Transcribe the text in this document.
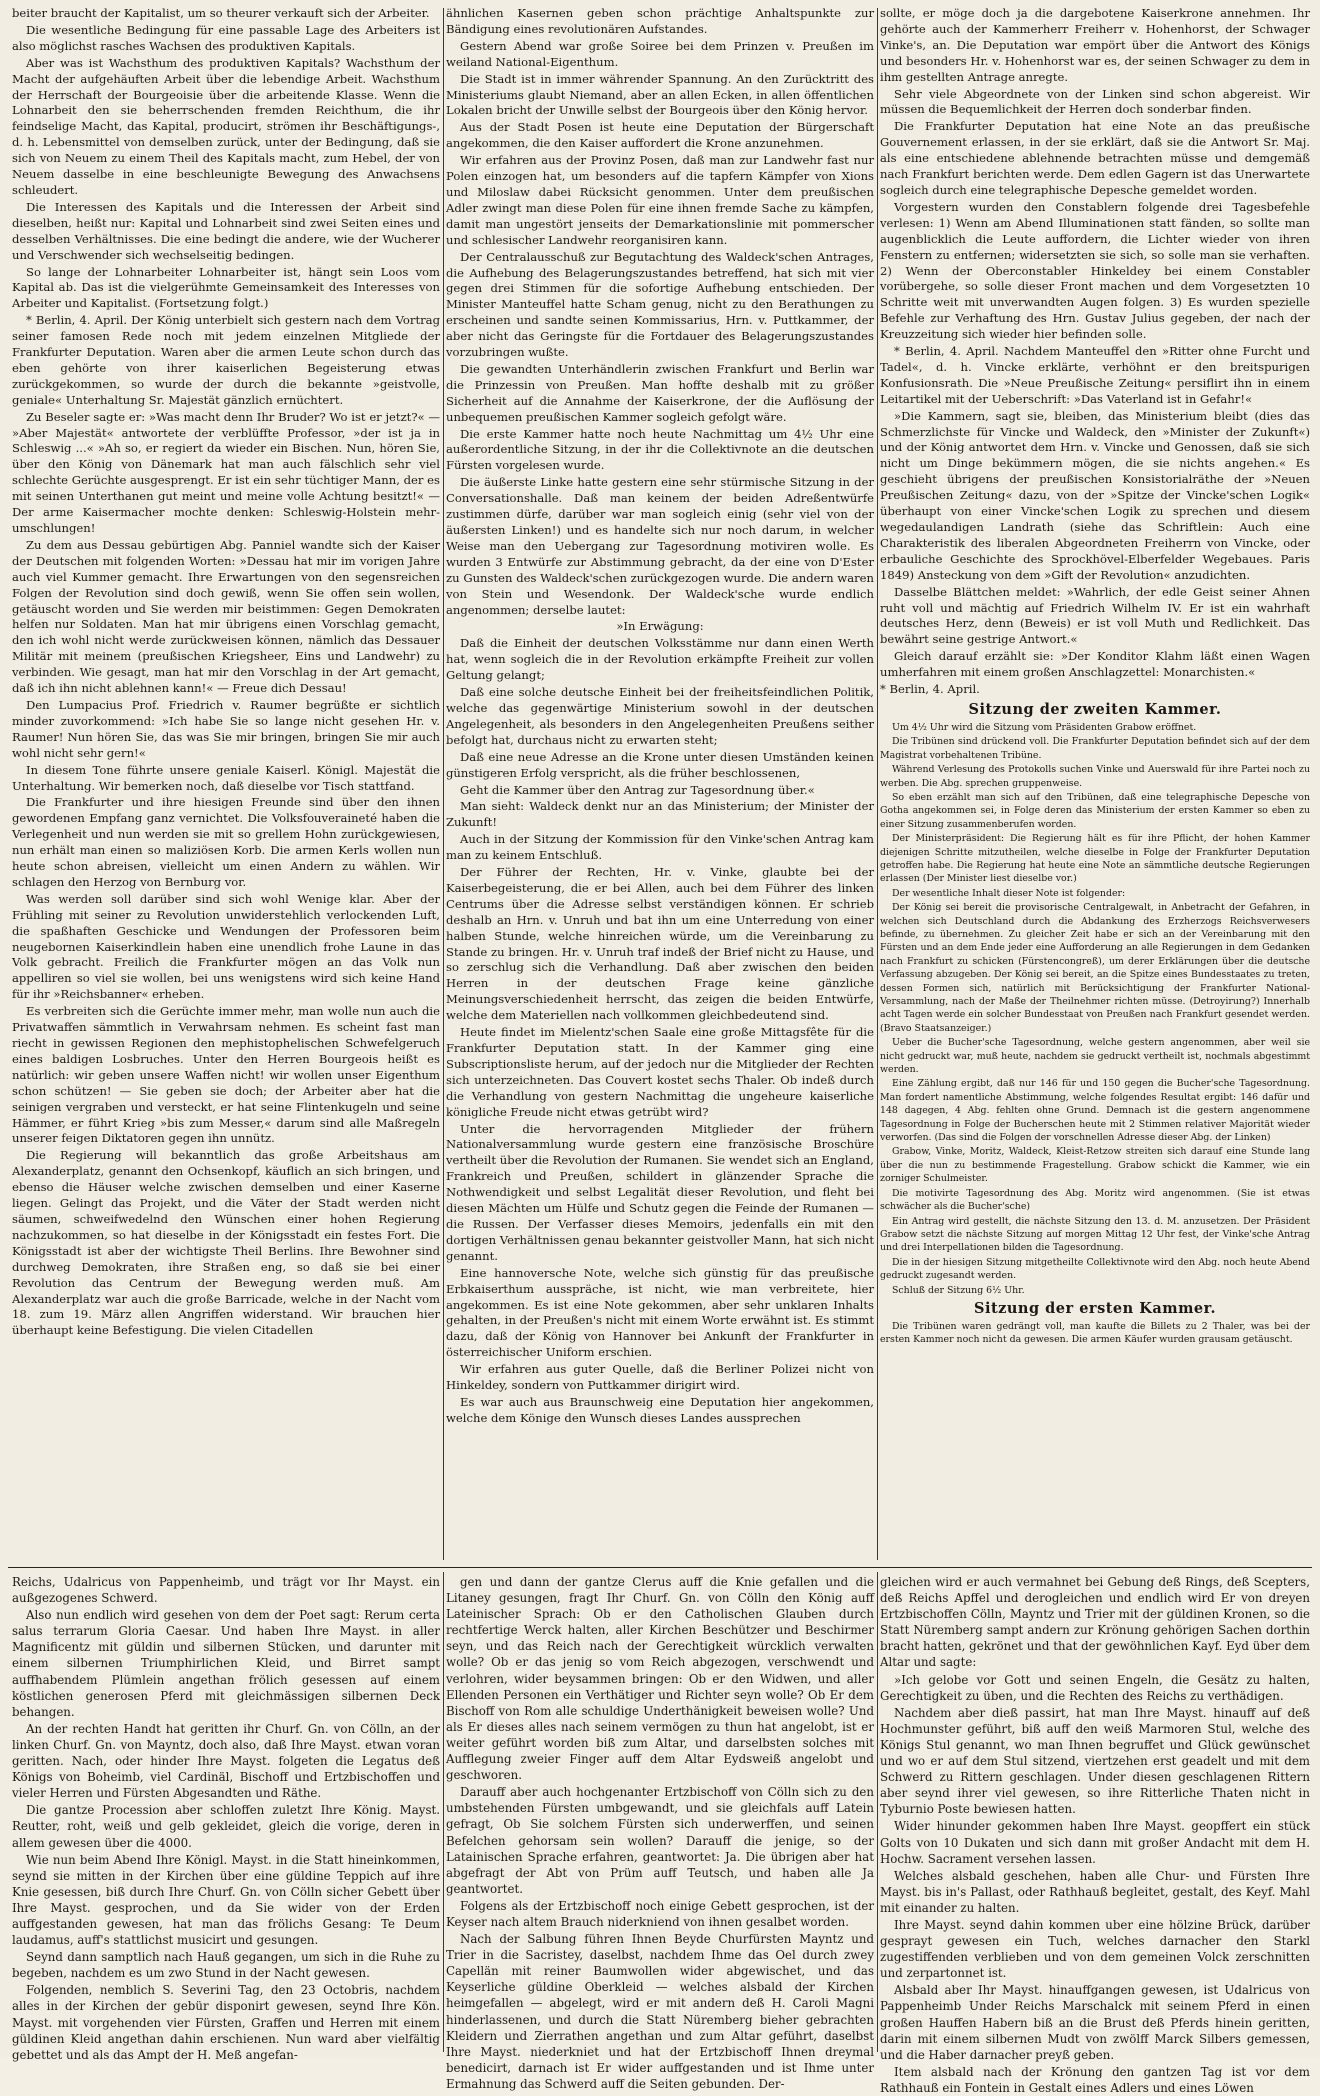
beiter braucht der Kapitalist, um so theurer verkauft sich der Arbeiter.

Die wesentliche Bedingung für eine passable Lage des Arbeiters ist also möglichst rasches Wachsen des produktiven Kapitals.

Aber was ist Wachsthum des produktiven Kapitals? Wachsthum der Macht der aufgehäuften Arbeit über die lebendige Arbeit. Wachsthum der Herrschaft der Bourgeoisie über die arbeitende Klasse. Wenn die Lohnarbeit den sie beherrschenden fremden Reichthum, die ihr feindselige Macht, das Kapital, producirt, strömen ihr Beschäftigungs-, d. h. Lebensmittel von demselben zurück, unter der Bedingung, daß sie sich von Neuem zu einem Theil des Kapitals macht, zum Hebel, der von Neuem dasselbe in eine beschleunigte Bewegung des Anwachsens schleudert.

Die Interessen des Kapitals und die Interessen der Arbeit sind dieselben, heißt nur: Kapital und Lohnarbeit sind zwei Seiten eines und desselben Verhältnisses. Die eine bedingt die andere, wie der Wucherer und Verschwender sich wechselseitig bedingen.

So lange der Lohnarbeiter Lohnarbeiter ist, hängt sein Loos vom Kapital ab. Das ist die vielgerühmte Gemeinsamkeit des Interesses von Arbeiter und Kapitalist. (Fortsetzung folgt.)

* Berlin, 4. April. Der König unterbielt sich gestern nach dem Vortrag seiner famosen Rede noch mit jedem einzelnen Mitgliede der Frankfurter Deputation. Waren aber die armen Leute schon durch das eben gehörte von ihrer kaiserlichen Begeisterung etwas zurückgekommen, so wurde der durch die bekannte »geistvolle, geniale« Unterhaltung Sr. Majestät gänzlich ernüchtert.

Zu Beseler sagte er: »Was macht denn Ihr Bruder? Wo ist er jetzt?« — »Aber Majestät« antwortete der verblüffte Professor, »der ist ja in Schleswig ...« »Ah so, er regiert da wieder ein Bischen. Nun, hören Sie, über den König von Dänemark hat man auch fälschlich sehr viel schlechte Gerüchte ausgesprengt. Er ist ein sehr tüchtiger Mann, der es mit seinen Unterthanen gut meint und meine volle Achtung besitzt!« — Der arme Kaisermacher mochte denken: Schleswig-Holstein mehr-umschlungen!

Zu dem aus Dessau gebürtigen Abg. Panniel wandte sich der Kaiser der Deutschen mit folgenden Worten: »Dessau hat mir im vorigen Jahre auch viel Kummer gemacht. Ihre Erwartungen von den segensreichen Folgen der Revolution sind doch gewiß, wenn Sie offen sein wollen, getäuscht worden und Sie werden mir beistimmen: Gegen Demokraten helfen nur Soldaten. Man hat mir übrigens einen Vorschlag gemacht, den ich wohl nicht werde zurückweisen können, nämlich das Dessauer Militär mit meinem (preußischen Kriegsheer, Eins und Landwehr) zu verbinden. Wie gesagt, man hat mir den Vorschlag in der Art gemacht, daß ich ihn nicht ablehnen kann!« — Freue dich Dessau!

Den Lumpacius Prof. Friedrich v. Raumer begrüßte er sichtlich minder zuvorkommend: »Ich habe Sie so lange nicht gesehen Hr. v. Raumer! Nun hören Sie, das was Sie mir bringen, bringen Sie mir auch wohl nicht sehr gern!«

In diesem Tone führte unsere geniale Kaiserl. Königl. Majestät die Unterhaltung. Wir bemerken noch, daß dieselbe vor Tisch stattfand.

Die Frankfurter und ihre hiesigen Freunde sind über den ihnen gewordenen Empfang ganz vernichtet. Die Volksfouveraineté haben die Verlegenheit und nun werden sie mit so grellem Hohn zurückgewiesen, nun erhält man einen so maliziösen Korb. Die armen Kerls wollen nun heute schon abreisen, vielleicht um einen Andern zu wählen. Wir schlagen den Herzog von Bernburg vor.

Was werden soll darüber sind sich wohl Wenige klar. Aber der Frühling mit seiner zu Revolution unwiderstehlich verlockenden Luft, die spaßhaften Geschicke und Wendungen der Professoren beim neugebornen Kaiserkindlein haben eine unendlich frohe Laune in das Volk gebracht. Freilich die Frankfurter mögen an das Volk nun appelliren so viel sie wollen, bei uns wenigstens wird sich keine Hand für ihr »Reichsbanner« erheben.

Es verbreiten sich die Gerüchte immer mehr, man wolle nun auch die Privatwaffen sämmtlich in Verwahrsam nehmen. Es scheint fast man riecht in gewissen Regionen den mephistophelischen Schwefelgeruch eines baldigen Losbruches. Unter den Herren Bourgeois heißt es natürlich: wir geben unsere Waffen nicht! wir wollen unser Eigenthum schon schützen! — Sie geben sie doch; der Arbeiter aber hat die seinigen vergraben und versteckt, er hat seine Flintenkugeln und seine Hämmer, er führt Krieg »bis zum Messer,« darum sind alle Maßregeln unserer feigen Diktatoren gegen ihn unnütz.

Die Regierung will bekanntlich das große Arbeitshaus am Alexanderplatz, genannt den Ochsenkopf, käuflich an sich bringen, und ebenso die Häuser welche zwischen demselben und einer Kaserne liegen. Gelingt das Projekt, und die Väter der Stadt werden nicht säumen, schweifwedelnd den Wünschen einer hohen Regierung nachzukommen, so hat dieselbe in der Königsstadt ein festes Fort. Die Königsstadt ist aber der wichtigste Theil Berlins. Ihre Bewohner sind durchweg Demokraten, ihre Straßen eng, so daß sie bei einer Revolution das Centrum der Bewegung werden muß. Am Alexanderplatz war auch die große Barricade, welche in der Nacht vom 18. zum 19. März allen Angriffen widerstand. Wir brauchen hier überhaupt keine Befestigung. Die vielen Citadellen

ähnlichen Kasernen geben schon prächtige Anhaltspunkte zur Bändigung eines revolutionären Aufstandes.

Gestern Abend war große Soiree bei dem Prinzen v. Preußen im weiland National-Eigenthum.

Die Stadt ist in immer währender Spannung. An den Zurücktritt des Ministeriums glaubt Niemand, aber an allen Ecken, in allen öffentlichen Lokalen bricht der Unwille selbst der Bourgeois über den König hervor.

Aus der Stadt Posen ist heute eine Deputation der Bürgerschaft angekommen, die den Kaiser auffordert die Krone anzunehmen.

Wir erfahren aus der Provinz Posen, daß man zur Landwehr fast nur Polen einzogen hat, um besonders auf die tapfern Kämpfer von Xions und Miloslaw dabei Rücksicht genommen. Unter dem preußischen Adler zwingt man diese Polen für eine ihnen fremde Sache zu kämpfen, damit man ungestört jenseits der Demarkationslinie mit pommerscher und schlesischer Landwehr reorganisiren kann.

Der Centralausschuß zur Begutachtung des Waldeck'schen Antrages, die Aufhebung des Belagerungszustandes betreffend, hat sich mit vier gegen drei Stimmen für die sofortige Aufhebung entschieden. Der Minister Manteuffel hatte Scham genug, nicht zu den Berathungen zu erscheinen und sandte seinen Kommissarius, Hrn. v. Puttkammer, der aber nicht das Geringste für die Fortdauer des Belagerungszustandes vorzubringen wußte.

Die gewandten Unterhändlerin zwischen Frankfurt und Berlin war die Prinzessin von Preußen. Man hoffte deshalb mit zu größer Sicherheit auf die Annahme der Kaiserkrone, der die Auflösung der unbequemen preußischen Kammer sogleich gefolgt wäre.

Die erste Kammer hatte noch heute Nachmittag um 4½ Uhr eine außerordentliche Sitzung, in der ihr die Collektivnote an die deutschen Fürsten vorgelesen wurde.

Die äußerste Linke hatte gestern eine sehr stürmische Sitzung in der Conversationshalle. Daß man keinem der beiden Adreßentwürfe zustimmen dürfe, darüber war man sogleich einig (sehr viel von der äußersten Linken!) und es handelte sich nur noch darum, in welcher Weise man den Uebergang zur Tagesordnung motiviren wolle. Es wurden 3 Entwürfe zur Abstimmung gebracht, da der eine von D'Ester zu Gunsten des Waldeck'schen zurückgezogen wurde. Die andern waren von Stein und Wesendonk. Der Waldeck'sche wurde endlich angenommen; derselbe lautet:

»In Erwägung:

Daß die Einheit der deutschen Volksstämme nur dann einen Werth hat, wenn sogleich die in der Revolution erkämpfte Freiheit zur vollen Geltung gelangt;

Daß eine solche deutsche Einheit bei der freiheitsfeindlichen Politik, welche das gegenwärtige Ministerium sowohl in der deutschen Angelegenheit, als besonders in den Angelegenheiten Preußens seither befolgt hat, durchaus nicht zu erwarten steht;

Daß eine neue Adresse an die Krone unter diesen Umständen keinen günstigeren Erfolg verspricht, als die früher beschlossenen,

Geht die Kammer über den Antrag zur Tagesordnung über.«

Man sieht: Waldeck denkt nur an das Ministerium; der Minister der Zukunft!

Auch in der Sitzung der Kommission für den Vinke'schen Antrag kam man zu keinem Entschluß.

Der Führer der Rechten, Hr. v. Vinke, glaubte bei der Kaiserbegeisterung, die er bei Allen, auch bei dem Führer des linken Centrums über die Adresse selbst verständigen können. Er schrieb deshalb an Hrn. v. Unruh und bat ihn um eine Unterredung von einer halben Stunde, welche hinreichen würde, um die Vereinbarung zu Stande zu bringen. Hr. v. Unruh traf indeß der Brief nicht zu Hause, und so zerschlug sich die Verhandlung. Daß aber zwischen den beiden Herren in der deutschen Frage keine gänzliche Meinungsverschiedenheit herrscht, das zeigen die beiden Entwürfe, welche dem Materiellen nach vollkommen gleichbedeutend sind.

Heute findet im Mielentz'schen Saale eine große Mittagsfête für die Frankfurter Deputation statt. In der Kammer ging eine Subscriptionsliste herum, auf der jedoch nur die Mitglieder der Rechten sich unterzeichneten. Das Couvert kostet sechs Thaler. Ob indeß durch die Verhandlung von gestern Nachmittag die ungeheure kaiserliche königliche Freude nicht etwas getrübt wird?

Unter die hervorragenden Mitglieder der frühern Nationalversammlung wurde gestern eine französische Broschüre vertheilt über die Revolution der Rumanen. Sie wendet sich an England, Frankreich und Preußen, schildert in glänzender Sprache die Nothwendigkeit und selbst Legalität dieser Revolution, und fleht bei diesen Mächten um Hülfe und Schutz gegen die Feinde der Rumanen — die Russen. Der Verfasser dieses Memoirs, jedenfalls ein mit den dortigen Verhältnissen genau bekannter geistvoller Mann, hat sich nicht genannt.

Eine hannoversche Note, welche sich günstig für das preußische Erbkaiserthum ausspräche, ist nicht, wie man verbreitete, hier angekommen. Es ist eine Note gekommen, aber sehr unklaren Inhalts gehalten, in der Preußen's nicht mit einem Worte erwähnt ist. Es stimmt dazu, daß der König von Hannover bei Ankunft der Frankfurter in österreichischer Uniform erschien.

Wir erfahren aus guter Quelle, daß die Berliner Polizei nicht von Hinkeldey, sondern von Puttkammer dirigirt wird.

Es war auch aus Braunschweig eine Deputation hier angekommen, welche dem Könige den Wunsch dieses Landes aussprechen

sollte, er möge doch ja die dargebotene Kaiserkrone annehmen. Ihr gehörte auch der Kammerherr Freiherr v. Hohenhorst, der Schwager Vinke's, an. Die Deputation war empört über die Antwort des Königs und besonders Hr. v. Hohenhorst war es, der seinen Schwager zu dem in ihm gestellten Antrage anregte.

Sehr viele Abgeordnete von der Linken sind schon abgereist. Wir müssen die Bequemlichkeit der Herren doch sonderbar finden.

Die Frankfurter Deputation hat eine Note an das preußische Gouvernement erlassen, in der sie erklärt, daß sie die Antwort Sr. Maj. als eine entschiedene ablehnende betrachten müsse und demgemäß nach Frankfurt berichten werde. Dem edlen Gagern ist das Unerwartete sogleich durch eine telegraphische Depesche gemeldet worden.

Vorgestern wurden den Constablern folgende drei Tagesbefehle verlesen: 1) Wenn am Abend Illuminationen statt fänden, so sollte man augenblicklich die Leute auffordern, die Lichter wieder von ihren Fenstern zu entfernen; widersetzten sie sich, so solle man sie verhaften. 2) Wenn der Oberconstabler Hinkeldey bei einem Constabler vorübergehe, so solle dieser Front machen und dem Vorgesetzten 10 Schritte weit mit unverwandten Augen folgen. 3) Es wurden spezielle Befehle zur Verhaftung des Hrn. Gustav Julius gegeben, der nach der Kreuzzeitung sich wieder hier befinden solle.

* Berlin, 4. April. Nachdem Manteuffel den »Ritter ohne Furcht und Tadel«, d. h. Vincke erklärte, verhöhnt er den breitspurigen Konfusionsrath. Die »Neue Preußische Zeitung« persiflirt ihn in einem Leitartikel mit der Ueberschrift: »Das Vaterland ist in Gefahr!«

»Die Kammern, sagt sie, bleiben, das Ministerium bleibt (dies das Schmerzlichste für Vincke und Waldeck, den »Minister der Zukunft«) und der König antwortet dem Hrn. v. Vincke und Genossen, daß sie sich nicht um Dinge bekümmern mögen, die sie nichts angehen.« Es geschieht übrigens der preußischen Konsistorialräthe der »Neuen Preußischen Zeitung« dazu, von der »Spitze der Vincke'schen Logik« überhaupt von einer Vincke'schen Logik zu sprechen und diesem wegedaulandigen Landrath (siehe das Schriftlein: Auch eine Charakteristik des liberalen Abgeordneten Freiherrn von Vincke, oder erbauliche Geschichte des Sprockhövel-Elberfelder Wegebaues. Paris 1849) Ansteckung von dem »Gift der Revolution« anzudichten.

Dasselbe Blättchen meldet: »Wahrlich, der edle Geist seiner Ahnen ruht voll und mächtig auf Friedrich Wilhelm IV. Er ist ein wahrhaft deutsches Herz, denn (Beweis) er ist voll Muth und Redlichkeit. Das bewährt seine gestrige Antwort.«

Gleich darauf erzählt sie: »Der Konditor Klahm läßt einen Wagen umherfahren mit einem großen Anschlagzettel: Monarchisten.«

* Berlin, 4. April.

Sitzung der zweiten Kammer.

Um 4½ Uhr wird die Sitzung vom Präsidenten Grabow eröffnet.

Die Tribünen sind drückend voll. Die Frankfurter Deputation befindet sich auf der dem Magistrat vorbehaltenen Tribüne.

Während Verlesung des Protokolls suchen Vinke und Auerswald für ihre Partei noch zu werben. Die Abg. sprechen gruppenweise.

So eben erzählt man sich auf den Tribünen, daß eine telegraphische Depesche von Gotha angekommen sei, in Folge deren das Ministerium der ersten Kammer so eben zu einer Sitzung zusammenberufen worden.

Der Ministerpräsident: Die Regierung hält es für ihre Pflicht, der hohen Kammer diejenigen Schritte mitzutheilen, welche dieselbe in Folge der Frankfurter Deputation getroffen habe. Die Regierung hat heute eine Note an sämmtliche deutsche Regierungen erlassen (Der Minister liest dieselbe vor.)

Der wesentliche Inhalt dieser Note ist folgender:

Der König sei bereit die provisorische Centralgewalt, in Anbetracht der Gefahren, in welchen sich Deutschland durch die Abdankung des Erzherzogs Reichsverwesers befinde, zu übernehmen. Zu gleicher Zeit habe er sich an der Vereinbarung mit den Fürsten und an dem Ende jeder eine Aufforderung an alle Regierungen in dem Gedanken nach Frankfurt zu schicken (Fürstencongreß), um derer Erklärungen über die deutsche Verfassung abzugeben. Der König sei bereit, an die Spitze eines Bundesstaates zu treten, dessen Formen sich, natürlich mit Berücksichtigung der Frankfurter National-Versammlung, nach der Maße der Theilnehmer richten müsse. (Detroyirung?) Innerhalb acht Tagen werde ein solcher Bundesstaat von Preußen nach Frankfurt gesendet werden. (Bravo Staatsanzeiger.)

Ueber die Bucher'sche Tagesordnung, welche gestern angenommen, aber weil sie nicht gedruckt war, muß heute, nachdem sie gedruckt vertheilt ist, nochmals abgestimmt werden.

Eine Zählung ergibt, daß nur 146 für und 150 gegen die Bucher'sche Tagesordnung. Man fordert namentliche Abstimmung, welche folgendes Resultat ergibt: 146 dafür und 148 dagegen, 4 Abg. fehlten ohne Grund. Demnach ist die gestern angenommene Tagesordnung in Folge der Bucherschen heute mit 2 Stimmen relativer Majorität wieder verworfen. (Das sind die Folgen der vorschnellen Adresse dieser Abg. der Linken)

Grabow, Vinke, Moritz, Waldeck, Kleist-Retzow streiten sich darauf eine Stunde lang über die nun zu bestimmende Fragestellung. Grabow schickt die Kammer, wie ein zorniger Schulmeister.

Die motivirte Tagesordnung des Abg. Moritz wird angenommen. (Sie ist etwas schwächer als die Bucher'sche)

Ein Antrag wird gestellt, die nächste Sitzung den 13. d. M. anzusetzen. Der Präsident Grabow setzt die nächste Sitzung auf morgen Mittag 12 Uhr fest, der Vinke'sche Antrag und drei Interpellationen bilden die Tagesordnung.

Die in der hiesigen Sitzung mitgetheilte Collektivnote wird den Abg. noch heute Abend gedruckt zugesandt werden.

Schluß der Sitzung 6½ Uhr.

Sitzung der ersten Kammer.

Die Tribünen waren gedrängt voll, man kaufte die Billets zu 2 Thaler, was bei der ersten Kammer noch nicht da gewesen. Die armen Käufer wurden grausam getäuscht.

Reichs, Udalricus von Pappenheimb, und trägt vor Ihr Mayst. ein außgezogenes Schwerd.

Also nun endlich wird gesehen von dem der Poet sagt: Rerum certa salus terrarum Gloria Caesar. Und haben Ihre Mayst. in aller Magnificentz mit güldin und silbernen Stücken, und darunter mit einem silbernen Triumphirlichen Kleid, und Birret sampt auffhabendem Plümlein angethan frölich gesessen auf einem köstlichen generosen Pferd mit gleichmässigen silbernen Deck behangen.

An der rechten Handt hat geritten ihr Churf. Gn. von Cölln, an der linken Churf. Gn. von Mayntz, doch also, daß Ihre Mayst. etwan voran geritten. Nach, oder hinder Ihre Mayst. folgeten die Legatus deß Königs von Boheimb, viel Cardinäl, Bischoff und Ertzbischoffen und vieler Herren und Fürsten Abgesandten und Räthe.

Die gantze Procession aber schloffen zuletzt Ihre König. Mayst. Reutter, roht, weiß und gelb gekleidet, gleich die vorige, deren in allem gewesen über die 4000.

Wie nun beim Abend Ihre Königl. Mayst. in die Statt hineinkommen, seynd sie mitten in der Kirchen über eine güldine Teppich auf ihre Knie gesessen, biß durch Ihre Churf. Gn. von Cölln sicher Gebett über Ihre Mayst. gesprochen, und da Sie wider von der Erden auffgestanden gewesen, hat man das frölichs Gesang: Te Deum laudamus, auff's stattlichst musicirt und gesungen.

Seynd dann samptlich nach Hauß gegangen, um sich in die Ruhe zu begeben, nachdem es um zwo Stund in der Nacht gewesen.

Folgenden, nemblich S. Severini Tag, den 23 Octobris, nachdem alles in der Kirchen der gebür disponirt gewesen, seynd Ihre Kön. Mayst. mit vorgehenden vier Fürsten, Graffen und Herren mit einem güldinen Kleid angethan dahin erschienen. Nun ward aber vielfältig gebettet und als das Ampt der H. Meß angefan-

gen und dann der gantze Clerus auff die Knie gefallen und die Litaney gesungen, fragt Ihr Churf. Gn. von Cölln den König auff Lateinischer Sprach: Ob er den Catholischen Glauben durch rechtfertige Werck halten, aller Kirchen Beschützer und Beschirmer seyn, und das Reich nach der Gerechtigkeit würcklich verwalten wolle? Ob er das jenig so vom Reich abgezogen, verschwendt und verlohren, wider beysammen bringen: Ob er den Widwen, und aller Ellenden Personen ein Verthätiger und Richter seyn wolle? Ob Er dem Bischoff von Rom alle schuldige Underthänigkeit beweisen wolle? Und als Er dieses alles nach seinem vermögen zu thun hat angelobt, ist er weiter geführt worden biß zum Altar, und darselbsten solches mit Aufflegung zweier Finger auff dem Altar Eydsweiß angelobt und geschworen.

Darauff aber auch hochgenanter Ertzbischoff von Cölln sich zu den umbstehenden Fürsten umbgewandt, und sie gleichfals auff Latein gefragt, Ob Sie solchem Fürsten sich underwerffen, und seinen Befelchen gehorsam sein wollen? Darauff die jenige, so der Latainischen Sprache erfahren, geantwortet: Ja. Die übrigen aber hat abgefragt der Abt von Prüm auff Teutsch, und haben alle Ja geantwortet.

Folgens als der Ertzbischoff noch einige Gebett gesprochen, ist der Keyser nach altem Brauch niderkniend von ihnen gesalbet worden.

Nach der Salbung führen Ihnen Beyde Churfürsten Mayntz und Trier in die Sacristey, daselbst, nachdem Ihme das Oel durch zwey Capellän mit reiner Baumwollen wider abgewischet, und das Keyserliche güldine Oberkleid — welches alsbald der Kirchen heimgefallen — abgelegt, wird er mit andern deß H. Caroli Magni hinderlassenen, und durch die Statt Nüremberg bieher gebrachten Kleidern und Zierrathen angethan und zum Altar geführt, daselbst Ihre Mayst. niederkniet und hat der Ertzbischoff Ihnen dreymal benedicirt, darnach ist Er wider auffgestanden und ist Ihme unter Ermahnung das Schwerd auff die Seiten gebunden. Der-

gleichen wird er auch vermahnet bei Gebung deß Rings, deß Scepters, deß Reichs Apffel und derogleichen und endlich wird Er von dreyen Ertzbischoffen Cölln, Mayntz und Trier mit der güldinen Kronen, so die Statt Nüremberg sampt andern zur Krönung gehörigen Sachen dorthin bracht hatten, gekrönet und that der gewöhnlichen Kayf. Eyd über dem Altar und sagte:

»Ich gelobe vor Gott und seinen Engeln, die Gesätz zu halten, Gerechtigkeit zu üben, und die Rechten des Reichs zu verthädigen.

Nachdem aber dieß passirt, hat man Ihre Mayst. hinauff auf deß Hochmunster geführt, biß auff den weiß Marmoren Stul, welche des Königs Stul genannt, wo man Ihnen begruffet und Glück gewünschet und wo er auf dem Stul sitzend, viertzehen erst geadelt und mit dem Schwerd zu Rittern geschlagen. Under diesen geschlagenen Rittern aber seynd ihrer viel gewesen, so ihre Ritterliche Thaten nicht in Tyburnio Poste bewiesen hatten.

Wider hinunder gekommen haben Ihre Mayst. geopffert ein stück Golts von 10 Dukaten und sich dann mit großer Andacht mit dem H. Hochw. Sacrament versehen lassen.

Welches alsbald geschehen, haben alle Chur- und Fürsten Ihre Mayst. bis in's Pallast, oder Rathhauß begleitet, gestalt, des Keyf. Mahl mit einander zu halten.

Ihre Mayst. seynd dahin kommen uber eine hölzine Brück, darüber gesprayt gewesen ein Tuch, welches darnacher den Starkl zugestiffenden verblieben und von dem gemeinen Volck zerschnitten und zerpartonnet ist.

Alsbald aber Ihr Mayst. hinauffgangen gewesen, ist Udalricus von Pappenheimb Under Reichs Marschalck mit seinem Pferd in einen großen Hauffen Habern biß an die Brust deß Pferds hinein geritten, darin mit einem silbernen Mudt von zwölff Marck Silbers gemessen, und die Haber darnacher preyß geben.

Item alsbald nach der Krönung den gantzen Tag ist vor dem Rathhauß ein Fontein in Gestalt eines Adlers und eines Löwen
